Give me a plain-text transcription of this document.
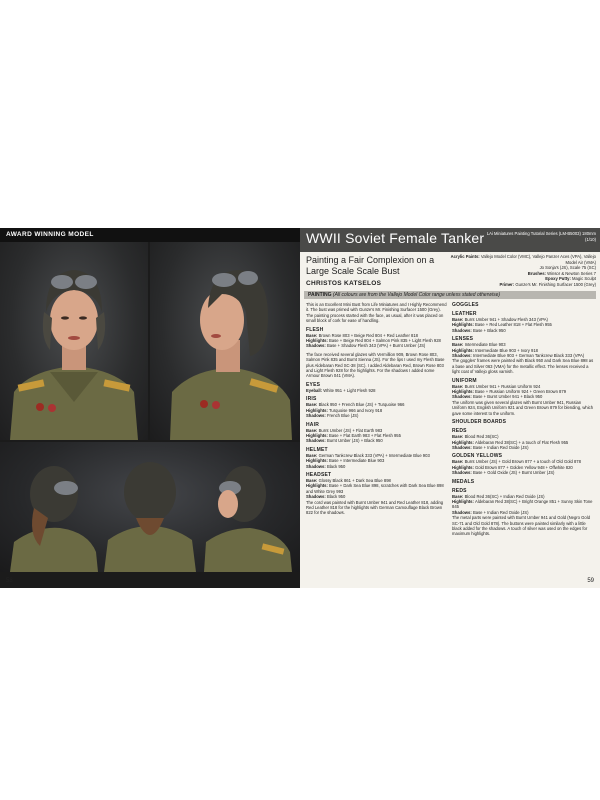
AWARD WINNING MODEL
58
WWII Soviet Female Tanker LAi Miniatures Painting Tutorial Series (LM-B5003) 180mm (1/10)
Painting a Fair Complexion on a Large Scale Scale Bust
Acrylic Paints: Vallejo Model Color (VMC), Vallejo Panzer Aces (VPA), Vallejo Model Air (VMA)
Jo Sonja's (JS), Scale 75 (SC)
Brushes: Winsor & Newton Series 7
Epoxy Putty: Magic Sculpt
Primer: Gunze's Mr. Finishing Surfacer 1500 (Grey)
CHRISTOS KATSELOS
PAINTING (All colours are from the Vallejo Model Color range unless stated otherwise)

This is an Excellent Mini Bust from Life Miniatures and I Highly Recommend it. The bust was primed with Gunze's Mr. Finishing Surfacer 1500 (Grey). The painting process started with the face, as usual, after it was placed on small block of cork for ease of handling.

FLESH

Base: Brown Rose 803 + Beige Red 804 + Red Leather 818

Highlights: Base + Beige Red 804 + Salmon Pink 835 + Light Flesh 928

Shadows: Base + Shadow Flesh 343 (VPA) + Burnt Umber (JS)

The face received several glazes with Vermillion 909, Brown Rose 803, Salmon Pink 835 and Burnt Sienna (JS). For the lips I used my Flesh Base plus Aldebaran Red SC-38 (SC). I added Aldebaran Red, Brown Rose 803 and Light Flesh 928 for the highlights. For the shadows I added some Armour Brown 041 (VMA).

EYES

Eyeball: White 951 + Light Flesh 928

IRIS

Base: Black 950 + French Blue (JS) + Turquoise 966

Highlights: Turquoise 966 and Ivory 918

Shadows: French Blue (JS)

HAIR

Base: Burnt Umber (JS) + Flat Earth 983

Highlights: Base + Flat Earth 983 + Flat Flesh 955

Shadows: Burnt Umber (JS) + Black 950

HELMET

Base: German Tankcrew Black 333 (VPA) + Intermediate Blue 903

Highlights: Base + Intermediate Blue 903

Shadows: Black 950

HEADSET

Base: Glossy Black 861 + Dark Sea Blue 898

Highlights: Base + Dark Sea Blue 898, scratches with Dark Sea Blue 898 and White Grey 993

Shadows: Black 950

The cord was painted with Burnt Umber 941 and Red Leather 818, adding Red Leather 818 for the highlights with German Camouflage Black Brown 822 for the shadows.

GOGGLES
LEATHER

Base: Burnt Umber 941 + Shadow Flesh 343 (VPA)

Highlights: Base + Red Leather 818 + Flat Flesh 955

Shadows: Base + Black 950

LENSES

Base: Intermediate Blue 903

Highlights: Intermediate Blue 903 + Ivory 918

Shadows: Intermediate Blue 903 + German Tankcrew Black 333 (VPA)

The goggles' frames were painted with Black 950 and Dark Sea Blue 898 as a base and Silver 063 (VMA) for the metallic effect. The lenses received a light coat of Vallejo gloss varnish.

UNIFORM

Base: Burnt Umber 941 + Russian Uniform 924

Highlights: Base + Russian Uniform 924 + Green Brown 879

Shadows: Base + Burnt Umber 941 + Black 950

The uniform was given several glazes with Burnt Umber 941, Russian Uniform 924, English Uniform 921 and Green Brown 879 for blending, which gave some interest to the uniform.

SHOULDER BOARDS
REDS

Base: Blood Red 36(SC)

Highlights: Aldebaran Red 38(SC) + a touch of Flat Flesh 955

Shadows: Base + Indian Red Oxide (JS)

GOLDEN YELLOWS

Base: Burnt Umber (JS) + Gold Brown 877 + a touch of Old Gold 878

Highlights: Gold Brown 877 + Golden Yellow 948 + Offwhite 820

Shadows: Base + Gold Oxide (JS) + Burnt Umber (JS)

MEDALS
REDS

Base: Blood Red 36(SC) + Indian Red Oxide (JS)

Highlights: Aldebaran Red 38(SC) + Bright Orange 851 + Sunny Skin Tone 845

Shadows: Base + Indian Red Oxide (JS)

The metal parts were painted with Burnt Umber 941 and Gold (Negro Gold SC-71 and Old Gold 878). The buttons were painted similarly with a little black added for the shadows. A touch of silver was used on the edges for maximum highlights.

59
